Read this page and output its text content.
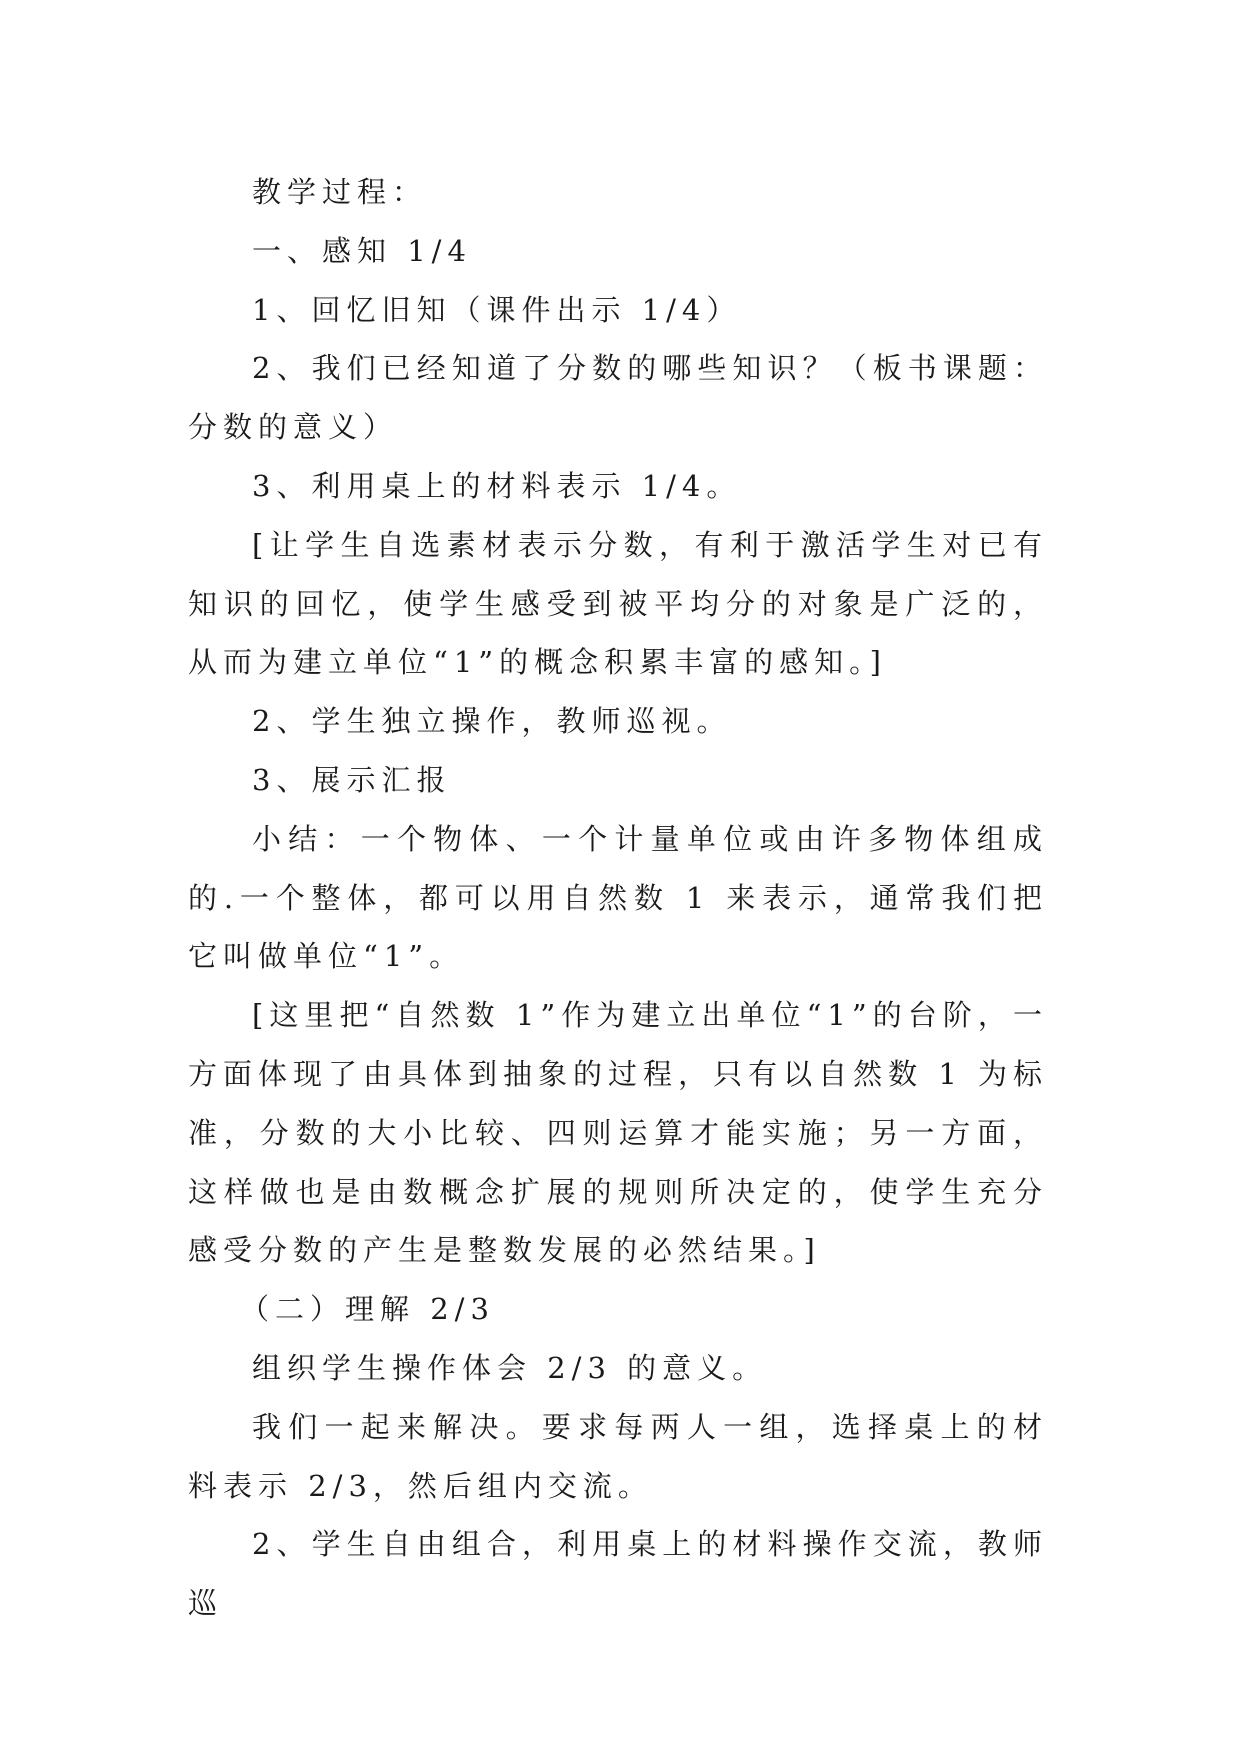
教学过程：

一、感知 1/4

1、回忆旧知（课件出示 1/4）

2、我们已经知道了分数的哪些知识？（板书课题：分数的意义）

3、利用桌上的材料表示 1/4。

[让学生自选素材表示分数，有利于激活学生对已有知识的回忆，使学生感受到被平均分的对象是广泛的，从而为建立单位“1”的概念积累丰富的感知。]

2、学生独立操作，教师巡视。

3、展示汇报

小结：一个物体、一个计量单位或由许多物体组成的.一个整体，都可以用自然数 1 来表示，通常我们把它叫做单位“1”。

[这里把“自然数 1”作为建立出单位“1”的台阶，一方面体现了由具体到抽象的过程，只有以自然数 1 为标准，分数的大小比较、四则运算才能实施；另一方面，这样做也是由数概念扩展的规则所决定的，使学生充分感受分数的产生是整数发展的必然结果。]

（二）理解 2/3

组织学生操作体会 2/3 的意义。

我们一起来解决。要求每两人一组，选择桌上的材料表示 2/3，然后组内交流。

2、学生自由组合，利用桌上的材料操作交流，教师巡
